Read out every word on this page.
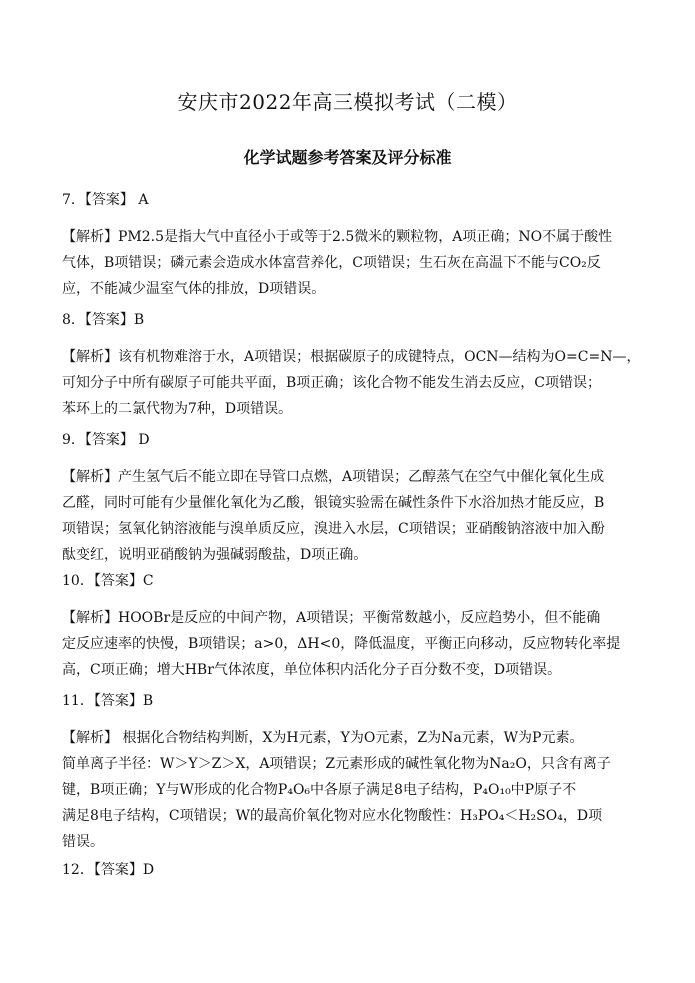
安庆市2022年高三模拟考试（二模）
化学试题参考答案及评分标准
7．【答案】 A

【解析】PM2.5是指大气中直径小于或等于2.5微米的颗粒物，A项正确；NO不属于酸性

气体，B项错误；磷元素会造成水体富营养化，C项错误；生石灰在高温下不能与CO₂反

应，不能减少温室气体的排放，D项错误。

8．【答案】B

【解析】该有机物难溶于水，A项错误；根据碳原子的成键特点，OCN—结构为O=C=N—，

可知分子中所有碳原子可能共平面，B项正确；该化合物不能发生消去反应，C项错误；

苯环上的二氯代物为7种，D项错误。

9．【答案】 D

【解析】产生氢气后不能立即在导管口点燃，A项错误；乙醇蒸气在空气中催化氧化生成

乙醛，同时可能有少量催化氧化为乙酸，银镜实验需在碱性条件下水浴加热才能反应，B

项错误；氢氧化钠溶液能与溴单质反应，溴进入水层，C项错误；亚硝酸钠溶液中加入酚

酞变红，说明亚硝酸钠为强碱弱酸盐，D项正确。

10．【答案】C

【解析】HOOBr是反应的中间产物，A项错误；平衡常数越小，反应趋势小，但不能确

定反应速率的快慢，B项错误；a>0，ΔH<0，降低温度，平衡正向移动，反应物转化率提

高，C项正确；增大HBr气体浓度，单位体积内活化分子百分数不变，D项错误。

11．【答案】B

【解析】 根据化合物结构判断，X为H元素，Y为O元素，Z为Na元素，W为P元素。

简单离子半径：W＞Y＞Z＞X，A项错误；Z元素形成的碱性氧化物为Na₂O，只含有离子

键，B项正确；Y与W形成的化合物P₄O₆中各原子满足8电子结构，P₄O₁₀中P原子不

满足8电子结构，C项错误；W的最高价氧化物对应水化物酸性：H₃PO₄＜H₂SO₄，D项

错误。

12．【答案】D
